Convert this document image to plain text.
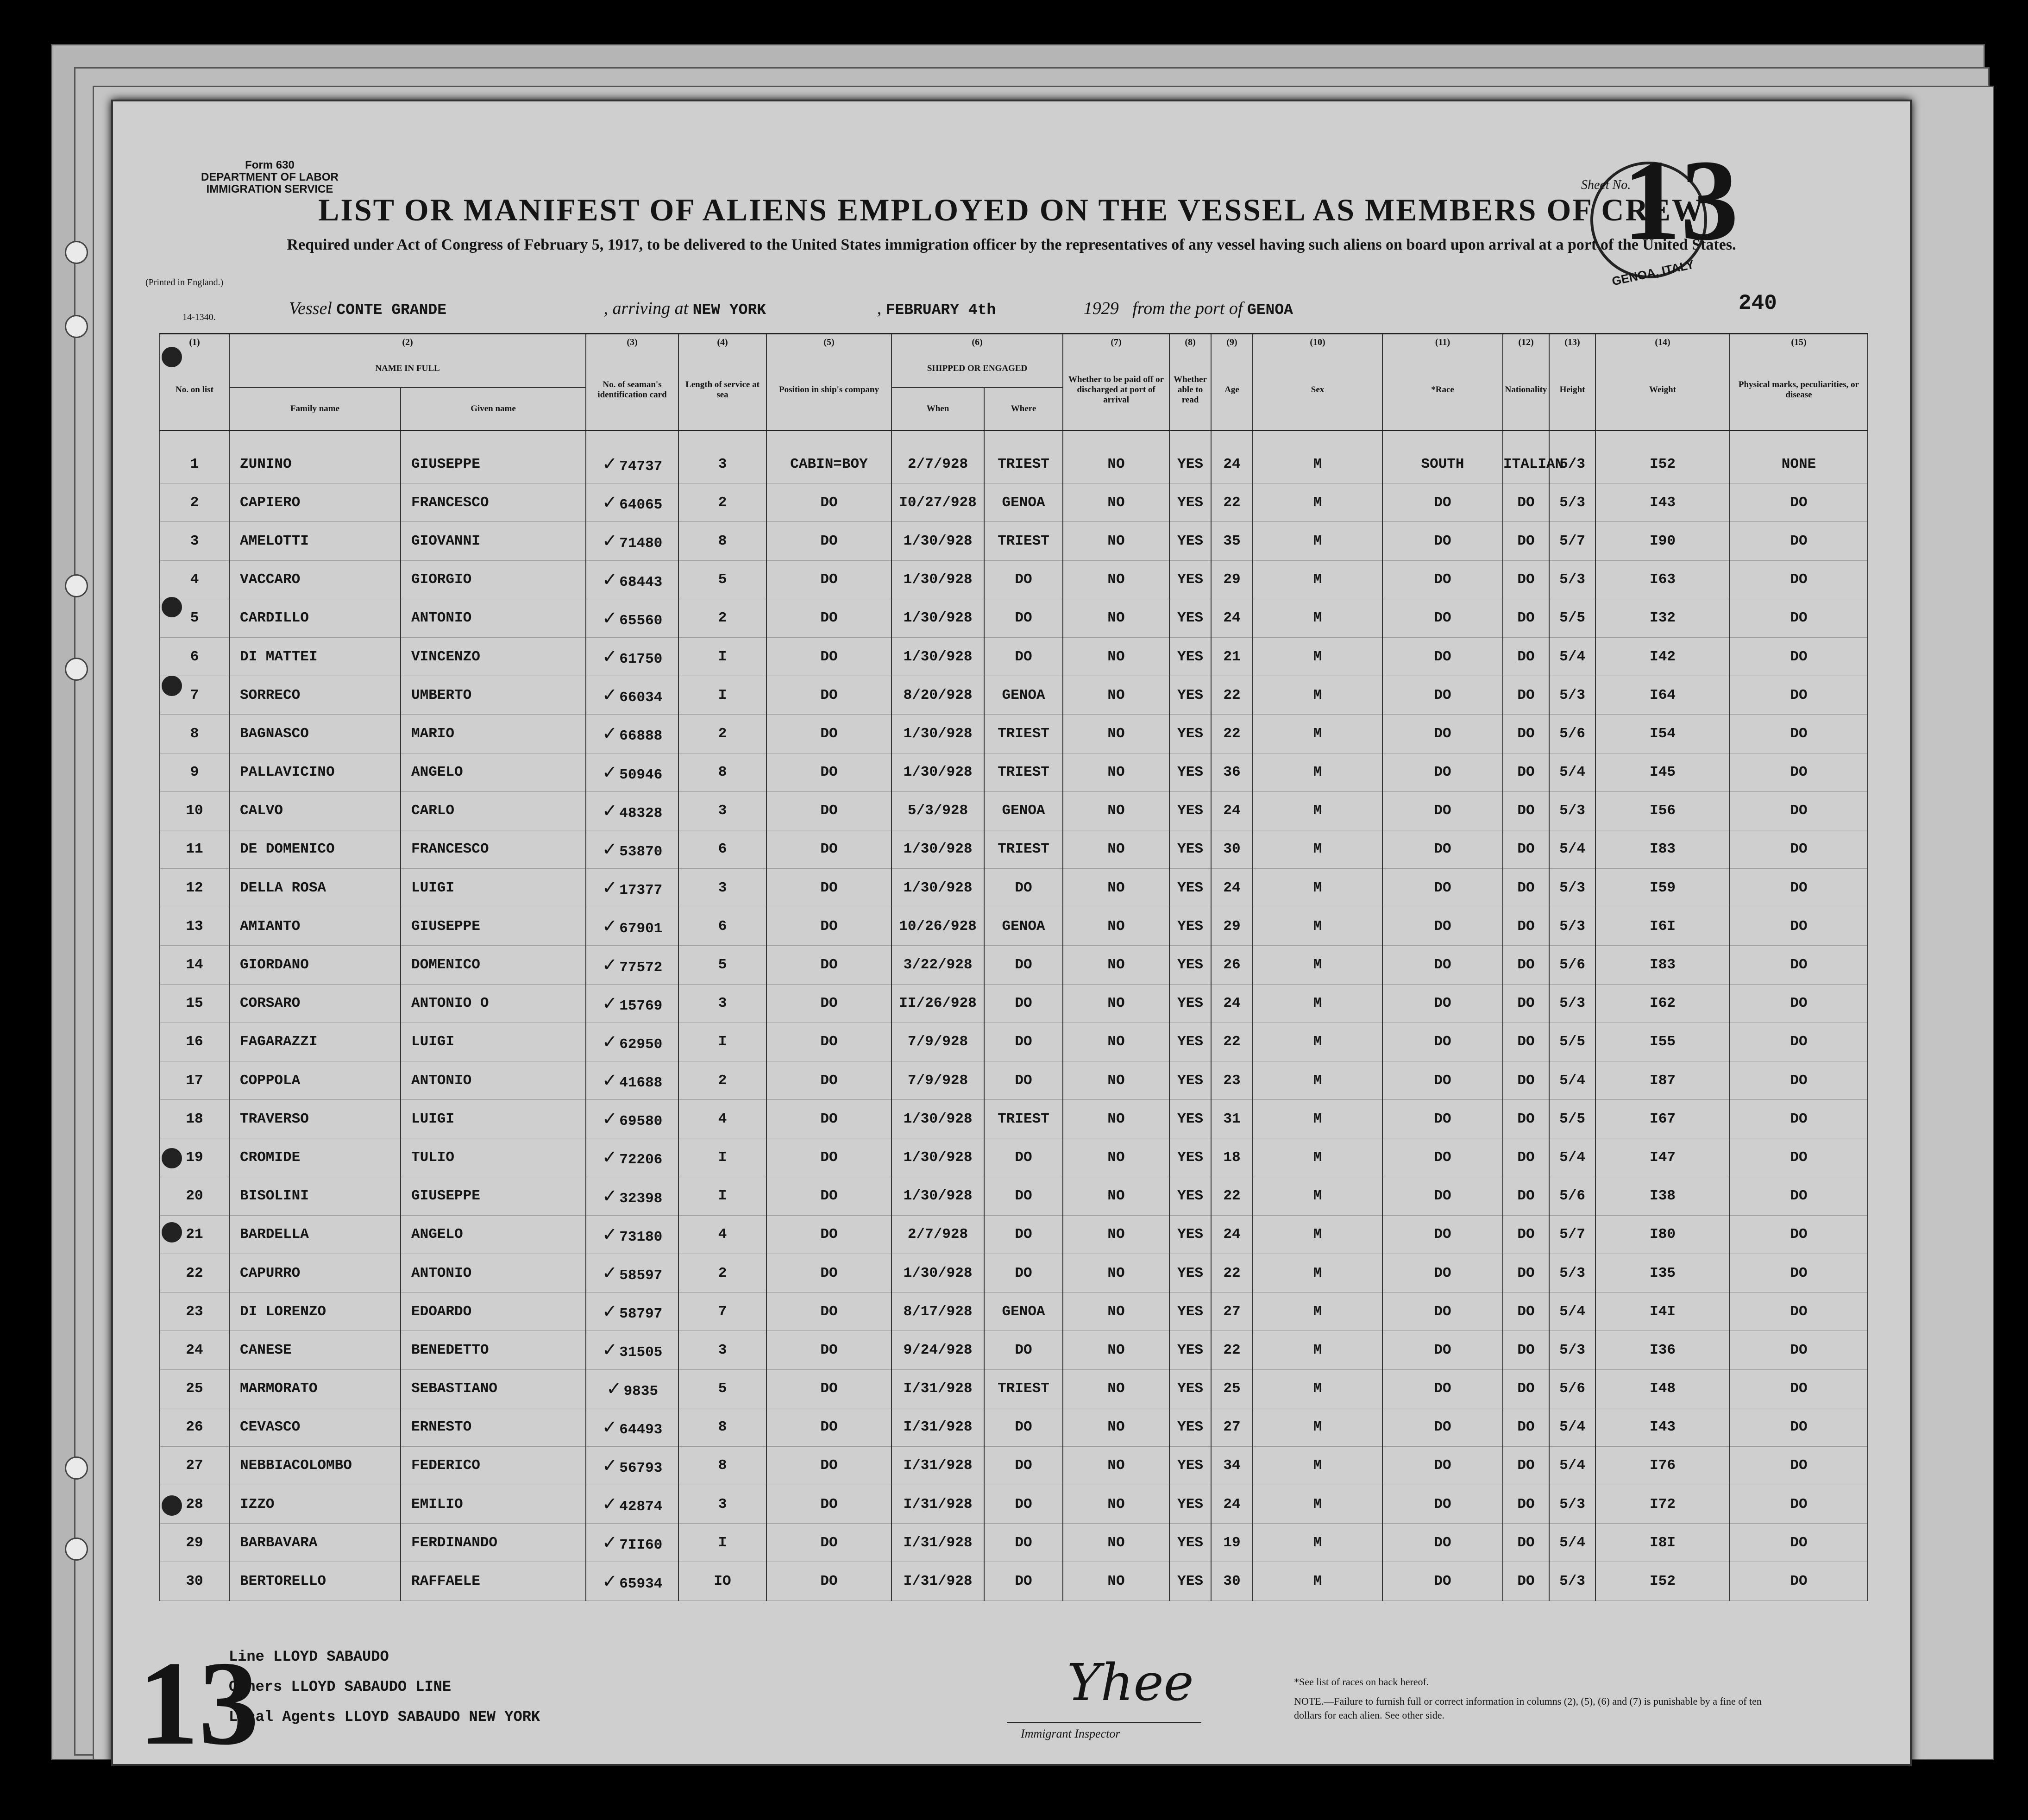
Form 630
DEPARTMENT OF LABOR
IMMIGRATION SERVICE
(Printed in England.)
14-1340.
LIST OR MANIFEST OF ALIENS EMPLOYED ON THE VESSEL AS MEMBERS OF CREW
Required under Act of Congress of February 5, 1917, to be delivered to the United States immigration officer by the representatives of any vessel having such aliens on board upon arrival at a port of the United States.
GENOA, ITALY
Sheet No.
13
Vessel CONTE GRANDE	, arriving at NEW YORK	, FEBRUARY 4th	1929 from the port of GENOA	240
(1)	(2)		(3)	(4)	(5)	(6)		(7)	(8)	(9)	(10)	(11)	(12)	(13)	(14)	(15)
No. on list	NAME IN FULL		No. of seaman's identification card	Length of service at sea	Position in ship's company	SHIPPED OR ENGAGED		Whether to be paid off or discharged at port of arrival	Whether able to read	Age	Sex	*Race	Nationality	Height	Weight	Physical marks, peculiarities, or disease
	Family name	Given name				When	Where									
1	ZUNINO	GIUSEPPE	✓ 74737	3	CABIN=BOY	2/7/928	TRIEST	NO	YES	24	M	SOUTH	ITALIAN	5/3	I52	NONE
2	CAPIERO	FRANCESCO	✓ 64065	2	DO	I0/27/928	GENOA	NO	YES	22	M	DO	DO	5/3	I43	DO
3	AMELOTTI	GIOVANNI	✓ 71480	8	DO	1/30/928	TRIEST	NO	YES	35	M	DO	DO	5/7	I90	DO
4	VACCARO	GIORGIO	✓ 68443	5	DO	1/30/928	DO	NO	YES	29	M	DO	DO	5/3	I63	DO
5	CARDILLO	ANTONIO	✓ 65560	2	DO	1/30/928	DO	NO	YES	24	M	DO	DO	5/5	I32	DO
6	DI MATTEI	VINCENZO	✓ 61750	I	DO	1/30/928	DO	NO	YES	21	M	DO	DO	5/4	I42	DO
7	SORRECO	UMBERTO	✓ 66034	I	DO	8/20/928	GENOA	NO	YES	22	M	DO	DO	5/3	I64	DO
8	BAGNASCO	MARIO	✓ 66888	2	DO	1/30/928	TRIEST	NO	YES	22	M	DO	DO	5/6	I54	DO
9	PALLAVICINO	ANGELO	✓ 50946	8	DO	1/30/928	TRIEST	NO	YES	36	M	DO	DO	5/4	I45	DO
10	CALVO	CARLO	✓ 48328	3	DO	5/3/928	GENOA	NO	YES	24	M	DO	DO	5/3	I56	DO
11	DE DOMENICO	FRANCESCO	✓ 53870	6	DO	1/30/928	TRIEST	NO	YES	30	M	DO	DO	5/4	I83	DO
12	DELLA ROSA	LUIGI	✓ 17377	3	DO	1/30/928	DO	NO	YES	24	M	DO	DO	5/3	I59	DO
13	AMIANTO	GIUSEPPE	✓ 67901	6	DO	10/26/928	GENOA	NO	YES	29	M	DO	DO	5/3	I6I	DO
14	GIORDANO	DOMENICO	✓ 77572	5	DO	3/22/928	DO	NO	YES	26	M	DO	DO	5/6	I83	DO
15	CORSARO	ANTONIO O	✓ 15769	3	DO	II/26/928	DO	NO	YES	24	M	DO	DO	5/3	I62	DO
16	FAGARAZZI	LUIGI	✓ 62950	I	DO	7/9/928	DO	NO	YES	22	M	DO	DO	5/5	I55	DO
17	COPPOLA	ANTONIO	✓ 41688	2	DO	7/9/928	DO	NO	YES	23	M	DO	DO	5/4	I87	DO
18	TRAVERSO	LUIGI	✓ 69580	4	DO	1/30/928	TRIEST	NO	YES	31	M	DO	DO	5/5	I67	DO
19	CROMIDE	TULIO	✓ 72206	I	DO	1/30/928	DO	NO	YES	18	M	DO	DO	5/4	I47	DO
20	BISOLINI	GIUSEPPE	✓ 32398	I	DO	1/30/928	DO	NO	YES	22	M	DO	DO	5/6	I38	DO
21	BARDELLA	ANGELO	✓ 73180	4	DO	2/7/928	DO	NO	YES	24	M	DO	DO	5/7	I80	DO
22	CAPURRO	ANTONIO	✓ 58597	2	DO	1/30/928	DO	NO	YES	22	M	DO	DO	5/3	I35	DO
23	DI LORENZO	EDOARDO	✓ 58797	7	DO	8/17/928	GENOA	NO	YES	27	M	DO	DO	5/4	I4I	DO
24	CANESE	BENEDETTO	✓ 31505	3	DO	9/24/928	DO	NO	YES	22	M	DO	DO	5/3	I36	DO
25	MARMORATO	SEBASTIANO	✓ 9835	5	DO	I/31/928	TRIEST	NO	YES	25	M	DO	DO	5/6	I48	DO
26	CEVASCO	ERNESTO	✓ 64493	8	DO	I/31/928	DO	NO	YES	27	M	DO	DO	5/4	I43	DO
27	NEBBIACOLOMBO	FEDERICO	✓ 56793	8	DO	I/31/928	DO	NO	YES	34	M	DO	DO	5/4	I76	DO
28	IZZO	EMILIO	✓ 42874	3	DO	I/31/928	DO	NO	YES	24	M	DO	DO	5/3	I72	DO
29	BARBAVARA	FERDINANDO	✓ 7II60	I	DO	I/31/928	DO	NO	YES	19	M	DO	DO	5/4	I8I	DO
30	BERTORELLO	RAFFAELE	✓ 65934	IO	DO	I/31/928	DO	NO	YES	30	M	DO	DO	5/3	I52	DO
13
Line LLOYD SABAUDO
Owners LLOYD SABAUDO LINE
Local Agents LLOYD SABAUDO NEW YORK
Yhee
Immigrant Inspector
*See list of races on back hereof.
NOTE.—Failure to furnish full or correct information in columns (2), (5), (6) and (7) is punishable by a fine of ten dollars for each alien. See other side.
